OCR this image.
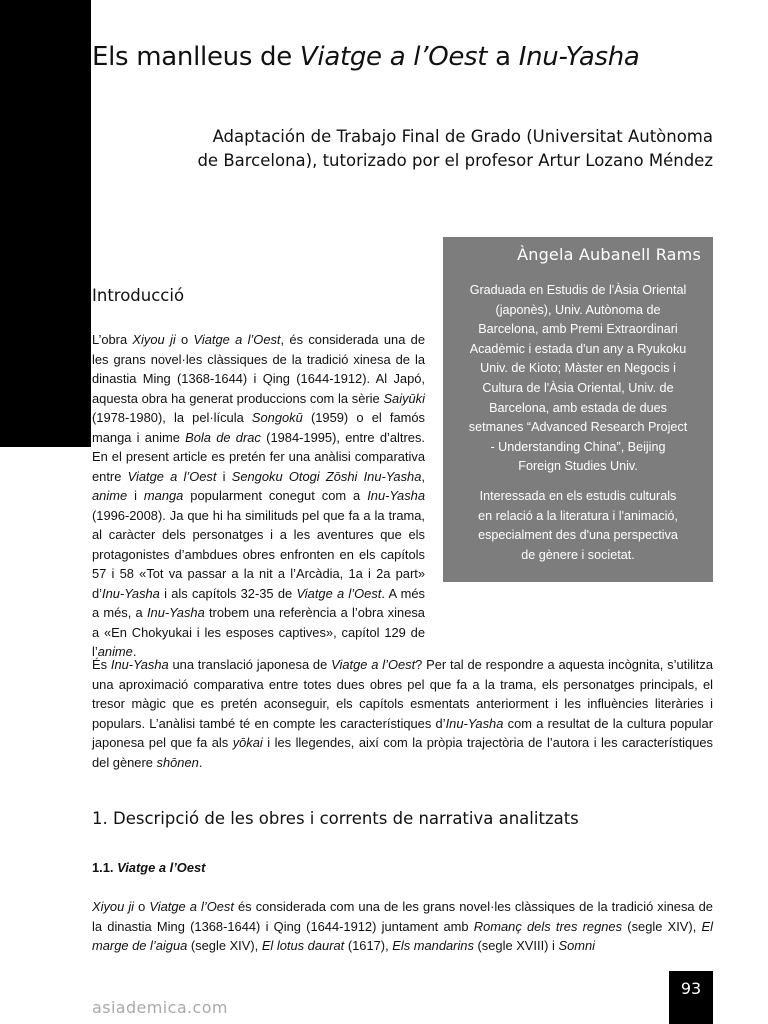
Els manlleus de Viatge a l’Oest a Inu-Yasha
Adaptación de Trabajo Final de Grado (Universitat Autònoma
de Barcelona), tutorizado por el profesor Artur Lozano Méndez
Àngela Aubanell Rams
Graduada en Estudis de l'Àsia Oriental
(japonès), Univ. Autònoma de
Barcelona, amb Premi Extraordinari
Acadèmic i estada d'un any a Ryukoku
Univ. de Kioto; Màster en Negocis i
Cultura de l'Àsia Oriental, Univ. de
Barcelona, amb estada de dues
setmanes “Advanced Research Project
- Understanding China”, Beijing
Foreign Studies Univ.
Interessada en els estudis culturals
en relació a la literatura i l'animació,
especialment des d'una perspectiva
de gènere i societat.
Introducció

L’obra Xiyou ji o Viatge a l’Oest, és considerada una de les grans novel·les clàssiques de la tradició xinesa de la dinastia Ming (1368-1644) i Qing (1644-1912). Al Japó, aquesta obra ha generat produccions com la sèrie Saiyūki (1978-1980), la pel·lícula Songokū (1959) o el famós manga i anime Bola de drac (1984-1995), entre d’altres. En el present article es pretén fer una anàlisi comparativa entre Viatge a l’Oest i Sengoku Otogi Zōshi Inu-Yasha, anime i manga popularment conegut com a Inu-Yasha (1996-2008). Ja que hi ha similituds pel que fa a la trama, al caràcter dels personatges i a les aventures que els protagonistes d’ambdues obres enfronten en els capítols 57 i 58 «Tot va passar a la nit a l’Arcàdia, 1a i 2a part» d’Inu-Yasha i als capítols 32-35 de Viatge a l’Oest. A més a més, a Inu-Yasha trobem una referència a l’obra xinesa a «En Chokyukai i les esposes captives», capítol 129 de l’anime.

És Inu-Yasha una translació japonesa de Viatge a l’Oest? Per tal de respondre a aquesta incògnita, s’utilitza una aproximació comparativa entre totes dues obres pel que fa a la trama, els personatges principals, el tresor màgic que es pretén aconseguir, els capítols esmentats anteriorment i les influències literàries i populars. L’anàlisi també té en compte les característiques d’Inu-Yasha com a resultat de la cultura popular japonesa pel que fa als yōkai i les llegendes, així com la pròpia trajectòria de l’autora i les característiques del gènere shōnen.

1. Descripció de les obres i corrents de narrativa analitzats
1.1. Viatge a l’Oest

Xiyou ji o Viatge a l’Oest és considerada com una de les grans novel·les clàssiques de la tradició xinesa de la dinastia Ming (1368-1644) i Qing (1644-1912) juntament amb Romanç dels tres regnes (segle XIV), El marge de l’aigua (segle XIV), El lotus daurat (1617), Els mandarins (segle XVIII) i Somni

asiademica.com
93
